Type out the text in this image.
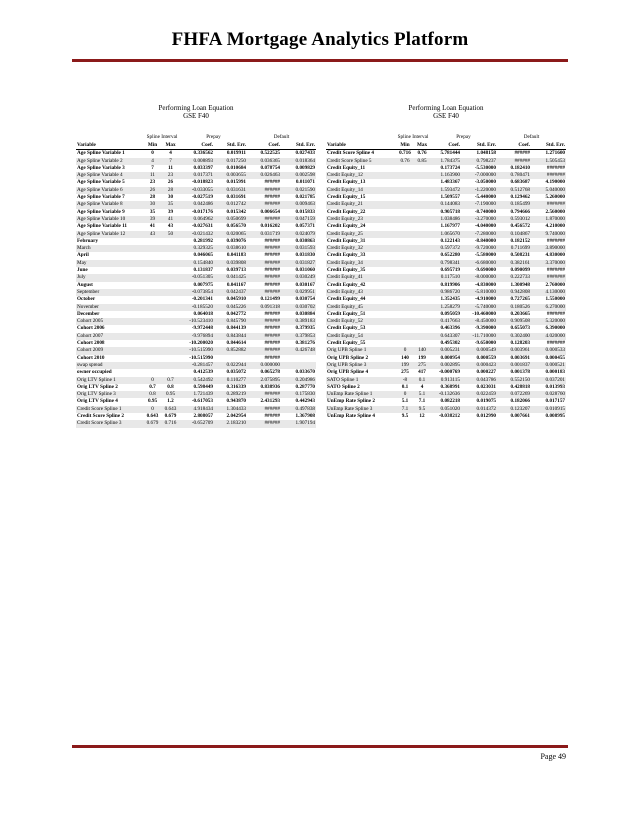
FHFA Mortgage Analytics Platform
Performing Loan Equation
GSE F40
	Spline Interval		Prepay		Default	
Variable	Min	Max	Coef.	Std. Err.	Coef.	Std. Err.
Age Spline Variable 1	0	4	0.336562	0.019911	0.522525	0.027433
Age Spline Variable 2	4	7	0.008893	0.017250	0.036365	0.018364
Age Spline Variable 3	7	11	0.033397	0.010684	0.078754	0.009829
Age Spline Variable 4	11	23	0.017371	0.003655	0.026463	0.002598
Age Spline Variable 5	23	26	-0.018823	0.015991	######	0.011071
Age Spline Variable 6	26	28	-0.033055	0.031631	######	0.021590
Age Spline Variable 7	28	30	-0.027519	0.031691	######	0.021785
Age Spline Variable 8	30	35	0.042486	0.012742	######	0.009463
Age Spline Variable 9	35	39	-0.017176	0.015342	0.006654	0.015833
Age Spline Variable 10	39	41	0.064962	0.050699	######	0.047159
Age Spline Variable 11	41	43	-0.027631	0.056570	0.016202	0.057371
Age Spline Variable 12	43	50	-0.021432	0.020065	0.031719	0.024079
February			0.281992	0.039076	######	0.030863
March			0.329325	0.038610	######	0.031593
April			0.046065	0.041183	######	0.031830
May			0.154840	0.039808	######	0.031827
June			0.131837	0.039713	######	0.031060
July			-0.051305	0.041425	######	0.030249
August			0.007975	0.041167	######	0.030167
September			-0.073854	0.042437	######	0.029951
October			-0.201341	0.045910	0.121499	0.030754
November			-0.185520	0.045226	0.091318	0.030702
December			0.064018	0.042772	######	0.030884
Cohort 2005			-10.523410	0.845790	######	0.389183
Cohort 2006			-9.972448	0.844139	######	0.379935
Cohort 2007			-9.976894	0.843844	######	0.379853
Cohort 2008			-10.200020	0.844614	######	0.381276
Cohort 2009			-10.515990	0.852882	######	0.426748
Cohort 2010			-10.515990		######	
swap spread			-0.281457	0.022944	0.000000	
owner occupied			0.412539	0.035072	0.065278	0.033670
Orig LTV Spline 1	0	0.7	0.542492	0.110277	2.075895	0.204986
Orig LTV Spline 2	0.7	0.8	0.598449	0.316339	0.838936	0.287770
Orig LTV Spline 3	0.8	0.95	1.721439	0.289219	######	0.175830
Orig LTV Spline 4	0.95	1.2	-0.617053	0.943870	2.431293	0.442943
Credit Score Spline 1	0	0.643	4.918434	1.304433	######	0.497838
Credit Score Spline 2	0.643	0.679	2.808057	2.042954	######	1.367908
Credit Score Spline 3	0.679	0.716	-0.652709	2.183210	######	1.907194
Performing Loan Equation
GSE F40
	Spline Interval		Prepay		Default	
Variable	Min	Max	Coef.	Std. Err.	Coef.	Std. Err.
Credit Score Spline 4	0.716	0.76	5.781444	1.048158	######	1.271600
Credit Score Spline 5	0.76	0.85	1.784375	0.798237	######	1.505453
Credit Equity_11			0.173724	-5.530000	0.182410	#######
Credit Equity_12			1.163900	-7.000000	0.780471	#######
Credit Equity_13			1.483367	-3.050000	0.683687	4.190000
Credit Equity_14			1.593472	-1.220000	0.512768	5.040000
Credit Equity_15			1.509557	-5.440000	0.129462	5.260000
Credit Equity_21			0.144083	-7.190000	0.185499	#######
Credit Equity_22			0.905718	-8.740000	0.794666	2.560000
Credit Equity_23			1.038486	-3.270000	0.593012	1.870000
Credit Equity_24			1.167977	-4.040000	0.456572	4.210000
Credit Equity_25			1.065670	-7.280000	0.104867	9.740000
Credit Equity_31			0.122143	-8.840000	0.182152	#######
Credit Equity_32			0.597372	-9.720000	0.711699	3.890000
Credit Equity_33			0.652280	-5.580000	0.508231	4.830000
Credit Equity_34			0.798341	-6.680000	0.382161	3.370000
Credit Equity_35			0.695719	-9.690000	0.090099	#######
Credit Equity_41			0.117510	-8.000000	0.222733	#######
Credit Equity_42			0.819906	-4.830000	1.300948	2.760000
Credit Equity_43			0.986720	-5.810000	0.942808	4.130000
Credit Equity_44			1.352435	-4.910000	0.727265	1.550000
Credit Equity_45			1.258279	-5.740000	0.180526	6.270000
Credit Equity_51			0.095059	-10.460000	0.203665	#######
Credit Equity_52			0.417663	-8.450000	0.909508	5.320000
Credit Equity_53			0.463396	-9.390000	0.655073	6.390000
Credit Equity_54			0.643307	-11.710000	0.302400	4.020000
Credit Equity_55			0.495302	-9.650000	0.128203	#######
Orig UPB Spline 1	0	140	0.005231	0.000549	0.003961	0.000533
Orig UPB Spline 2	140	199	0.000954	0.000559	0.003691	0.000455
Orig UPB Spline 3	199	275	0.002895	0.000423	0.001837	0.000521
Orig UPB Spline 4	275	417	-0.000769	0.000227	0.001378	0.000183
SATO Spline 1	-8	0.1	0.913115	0.043786	0.552150	0.037201
SATO Spline 2	0.1	4	0.368991	0.023031	0.428818	0.013993
UnEmp Rate Spline 1	0	5.1	-0.132636	0.022459	0.072269	0.028760
UnEmp Rate Spline 2	5.1	7.1	0.082218	0.019075	0.182066	0.017157
UnEmp Rate Spline 3	7.1	9.5	0.051020	0.014372	0.123207	0.010915
UnEmp Rate Spline 4	9.5	12	-0.038212	0.012990	0.007661	0.008995
Page 49
